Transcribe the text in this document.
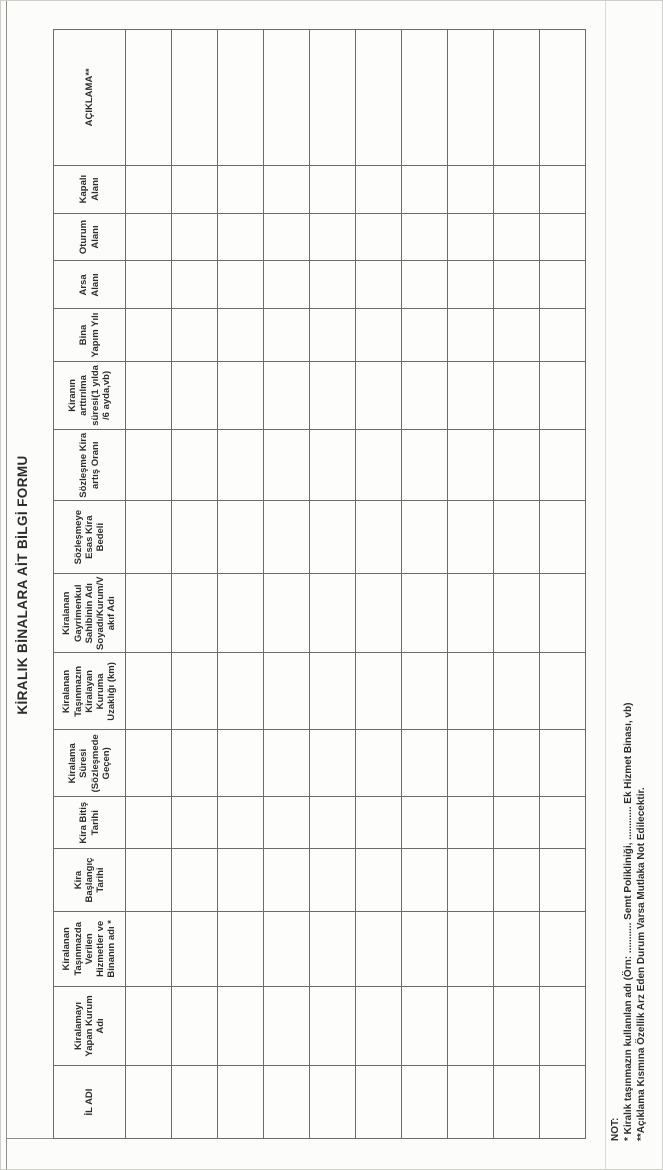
KİRALIK BİNALARA AİT BİLGİ FORMU
İL ADI	Kiralamayı Yapan Kurum Adı	Kiralanan Taşınmazda Verilen Hizmetler ve Binanın adı *	Kira Başlangıç Tarihi	Kira Bitiş Tarihi	Kiralama Süresi (Sözleşmede Geçen)	Kiralanan Taşınmazın Kiralayan Kuruma Uzaklığı (km)	Kiralanan Gayrimenkul Sahibinin Adı Soyadı/Kurum/Vakıf Adı	Sözleşmeye Esas Kira Bedeli	Sözleşme Kira artış Oranı	Kiranın arttırılma süresi(1 yılda /6 ayda,vb)	Bina Yapım Yılı	Arsa Alanı	Oturum Alanı	Kapalı Alanı	AÇIKLAMA**

NOT: * Kiralık taşınmazın kullanılan adı (Örn: ........... Semt Polikliniği, ............ Ek Hizmet Binası, vb) **Açıklama Kısmına Özellik Arz Eden Durum Varsa Mutlaka Not Edilecektir.
